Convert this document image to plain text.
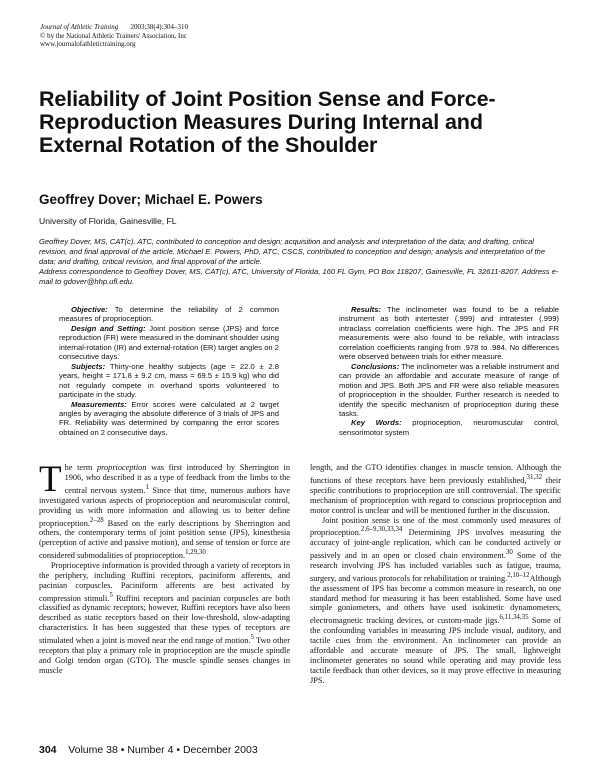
Journal of Athletic Training 2003;38(4):304–310
© by the National Athletic Trainers' Association, Inc
www.journalofathletictraining.org
Reliability of Joint Position Sense and Force-Reproduction Measures During Internal and External Rotation of the Shoulder
Geoffrey Dover; Michael E. Powers
University of Florida, Gainesville, FL

Geoffrey Dover, MS, CAT(c), ATC, contributed to conception and design; acquisition and analysis and interpretation of the data; and drafting, critical revision, and final approval of the article. Michael E. Powers, PhD, ATC, CSCS, contributed to conception and design; analysis and interpretation of the data; and drafting, critical revision, and final approval of the article.

Address correspondence to Geoffrey Dover, MS, CAT(c), ATC, University of Florida, 160 FL Gym, PO Box 118207, Gainesville, FL 32611-8207. Address e-mail to gdover@hhp.ufl.edu.

Objective: To determine the reliability of 2 common measures of proprioception.

Design and Setting: Joint position sense (JPS) and force reproduction (FR) were measured in the dominant shoulder using internal-rotation (IR) and external-rotation (ER) target angles on 2 consecutive days.

Subjects: Thirty-one healthy subjects (age = 22.0 ± 2.8 years, height = 171.8 ± 9.2 cm, mass = 69.5 ± 15.9 kg) who did not regularly compete in overhand sports volunteered to participate in the study.

Measurements: Error scores were calculated at 2 target angles by averaging the absolute difference of 3 trials of JPS and FR. Reliability was determined by comparing the error scores obtained on 2 consecutive days.

Results: The inclinometer was found to be a reliable instrument as both intertester (.999) and intratester (.999) intraclass correlation coefficients were high. The JPS and FR measurements were also found to be reliable, with intraclass correlation coefficients ranging from .978 to .984. No differences were observed between trials for either measure.

Conclusions: The inclinometer was a reliable instrument and can provide an affordable and accurate measure of range of motion and JPS. Both JPS and FR were also reliable measures of proprioception in the shoulder. Further research is needed to identify the specific mechanism of proprioception during these tasks.

Key Words: proprioception, neuromuscular control, sensorimotor system

The term proprioception was first introduced by Sherrington in 1906, who described it as a type of feedback from the limbs to the central nervous system.$^1$ Since that time, numerous authors have investigated various aspects of proprioception and neuromuscular control, providing us with more information and allowing us to better define proprioception.$^{2-28}$ Based on the early descriptions by Sherrington and others, the contemporary terms of joint position sense (JPS), kinesthesia (perception of active and passive motion), and sense of tension or force are considered submodalities of proprioception.$^{1,29,30}$

Proprioceptive information is provided through a variety of receptors in the periphery, including Ruffini receptors, paciniform afferents, and pacinian corpuscles. Paciniform afferents are best activated by compression stimuli.$^5$ Ruffini receptors and pacinian corpuscles are both classified as dynamic receptors; however, Ruffini receptors have also been described as static receptors based on their low-threshold, slow-adapting characteristics. It has been suggested that these types of receptors are stimulated when a joint is moved near the end range of motion.$^5$ Two other receptors that play a primary role in proprioception are the muscle spindle and Golgi tendon organ (GTO). The muscle spindle senses changes in muscle

length, and the GTO identifies changes in muscle tension. Although the functions of these receptors have been previously established,$^{31,32}$ their specific contributions to proprioception are still controversial. The specific mechanism of proprioception with regard to conscious proprioception and motor control is unclear and will be mentioned further in the discussion.

Joint position sense is one of the most commonly used measures of proprioception.$^{2,6-9,30,33,34}$ Determining JPS involves measuring the accuracy of joint-angle replication, which can be conducted actively or passively and in an open or closed chain environment.$^{30}$ Some of the research involving JPS has included variables such as fatigue, trauma, surgery, and various protocols for rehabilitation or training.$^{2,10-12}$Although the assessment of JPS has become a common measure in research, no one standard method for measuring it has been established. Some have used simple goniometers, and others have used isokinetic dynamometers, electromagnetic tracking devices, or custom-made jigs.$^{6,11,34,35}$ Some of the confounding variables in measuring JPS include visual, auditory, and tactile cues from the environment. An inclinometer can provide an affordable and accurate measure of JPS. The small, lightweight inclinometer generates no sound while operating and may provide less tactile feedback than other devices, so it may prove effective in measuring JPS.

304 Volume 38 • Number 4 • December 2003
